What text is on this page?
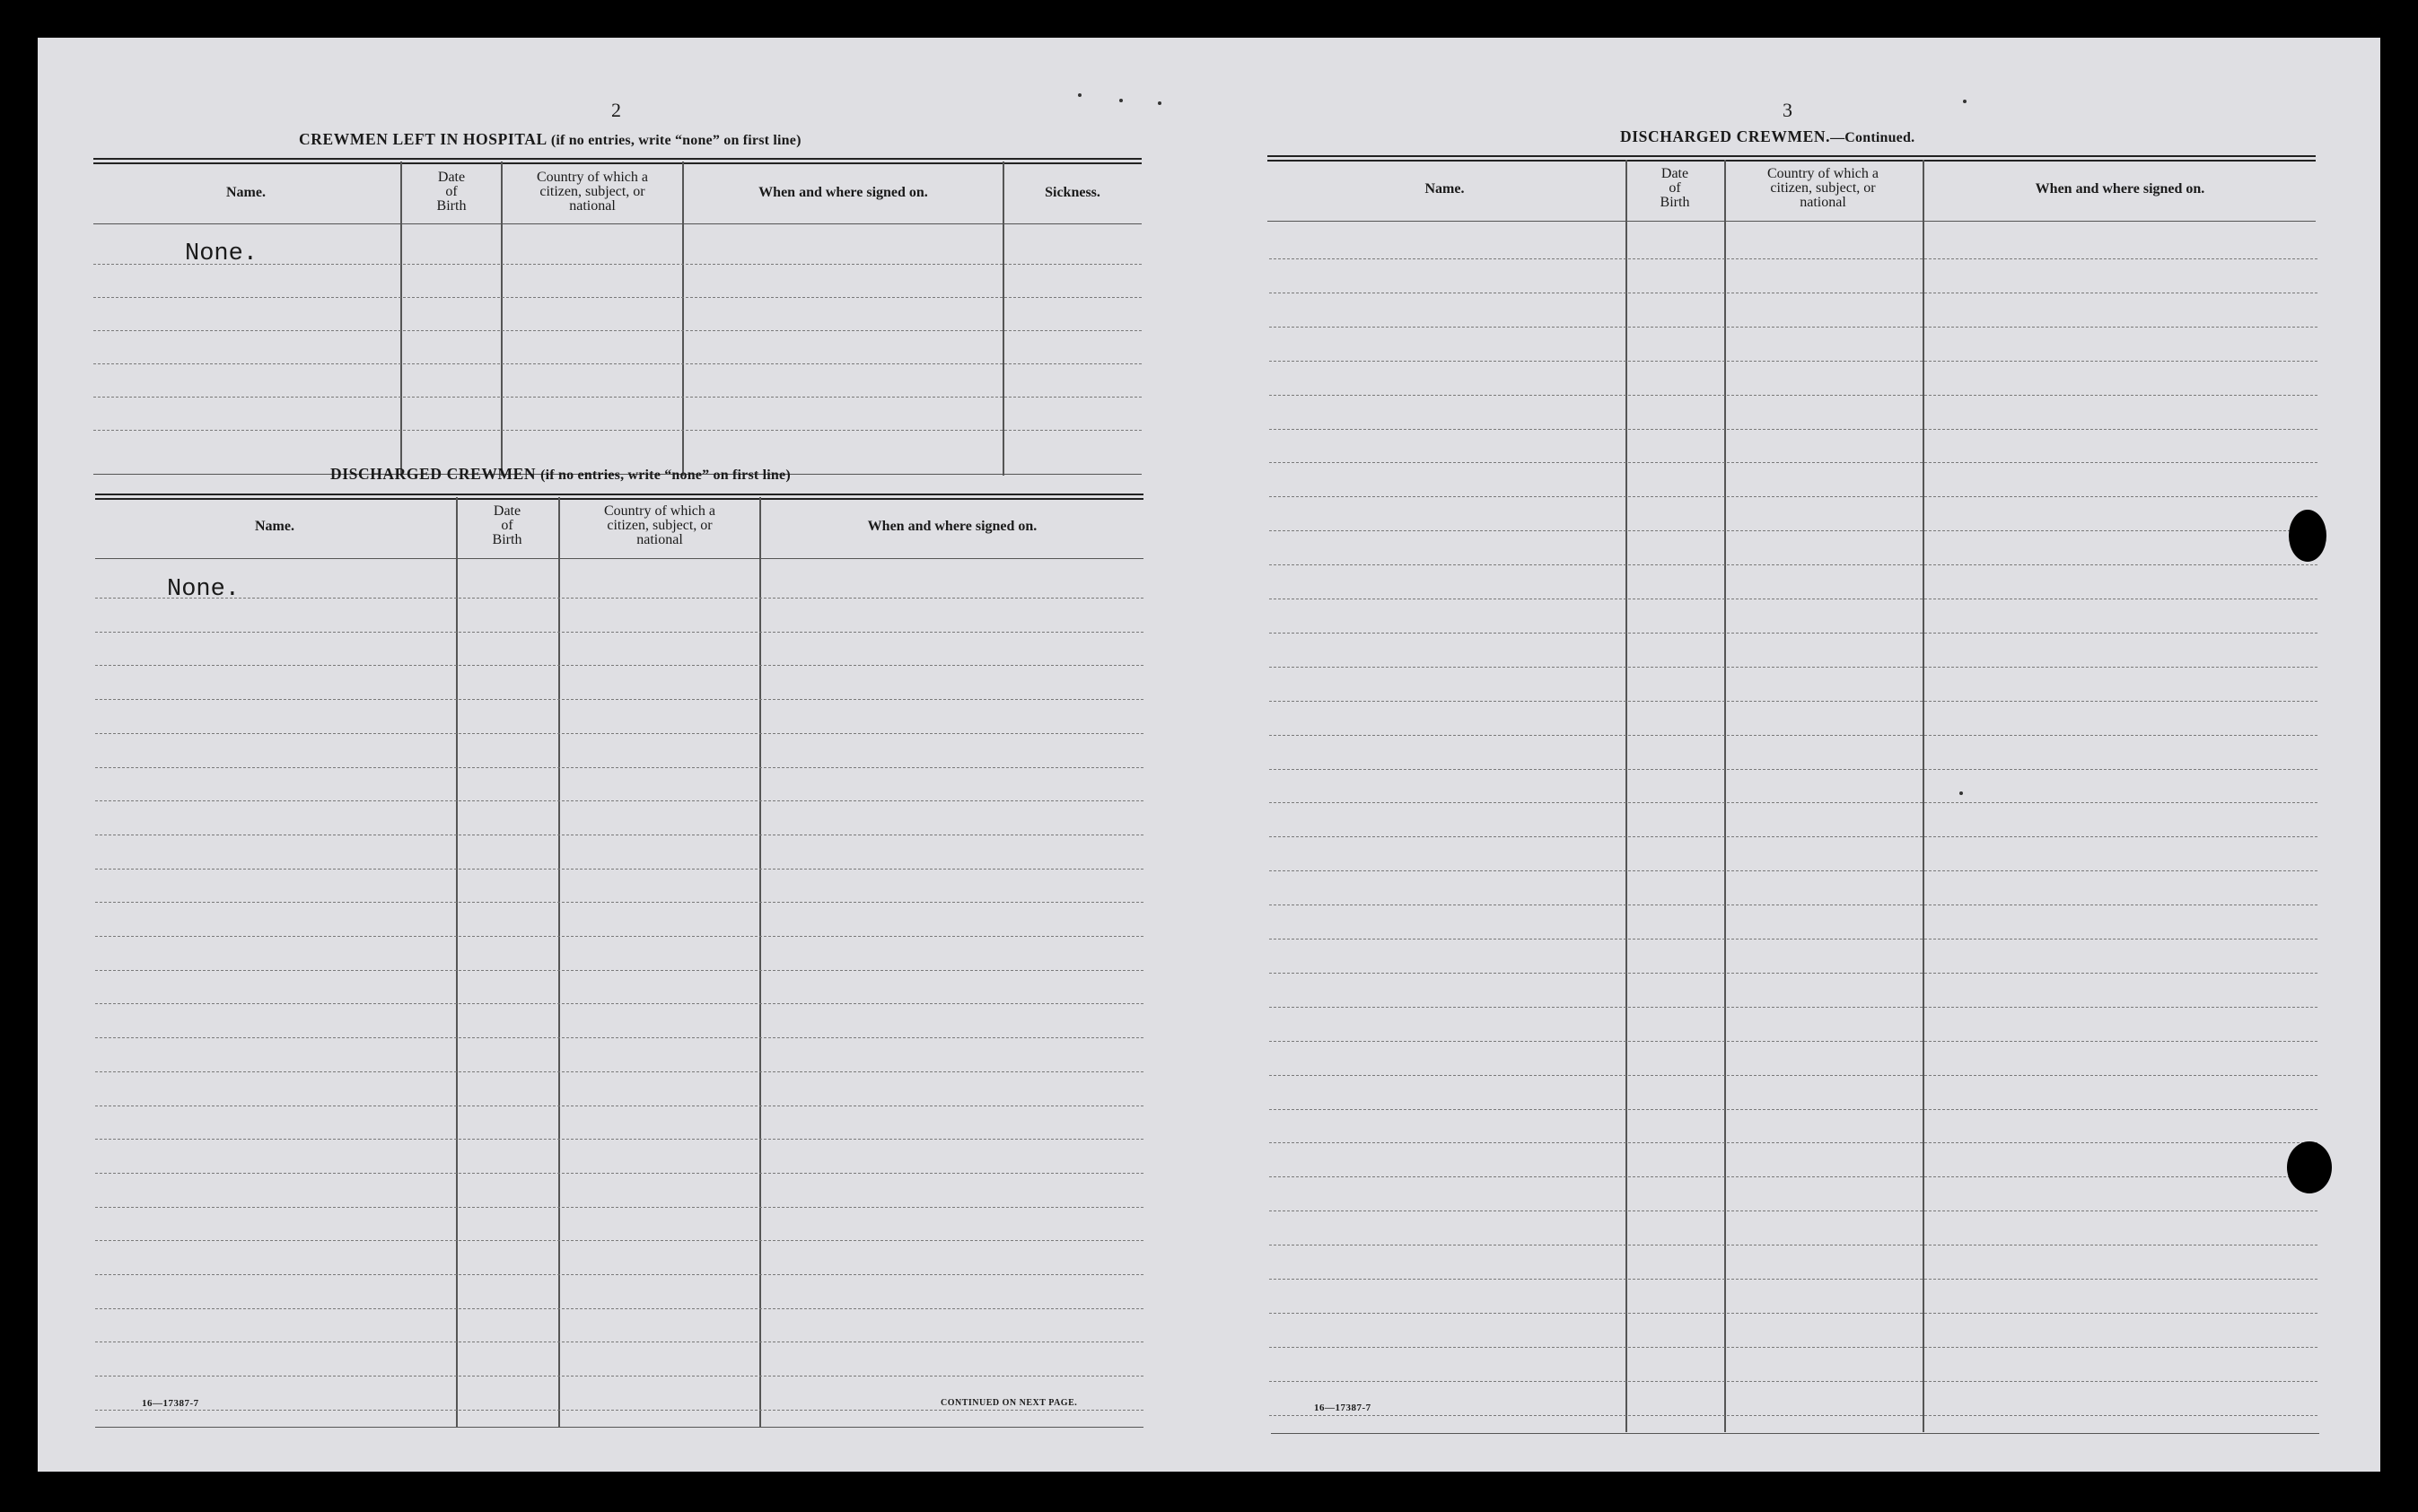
2
CREWMEN LEFT IN HOSPITAL (if no entries, write “none” on first line)
Name.
Date
of
Birth
Country of which a
citizen, subject, or
national
When and where signed on.	Sickness.
None.
DISCHARGED CREWMEN (if no entries, write “none” on first line)
Name.
Date
of
Birth
Country of which a
citizen, subject, or
national
When and where signed on.
None.
16—17387-7	CONTINUED ON NEXT PAGE.
3
DISCHARGED CREWMEN.—Continued.
Name.
Date
of
Birth
Country of which a
citizen, subject, or
national
When and where signed on.
16—17387-7
